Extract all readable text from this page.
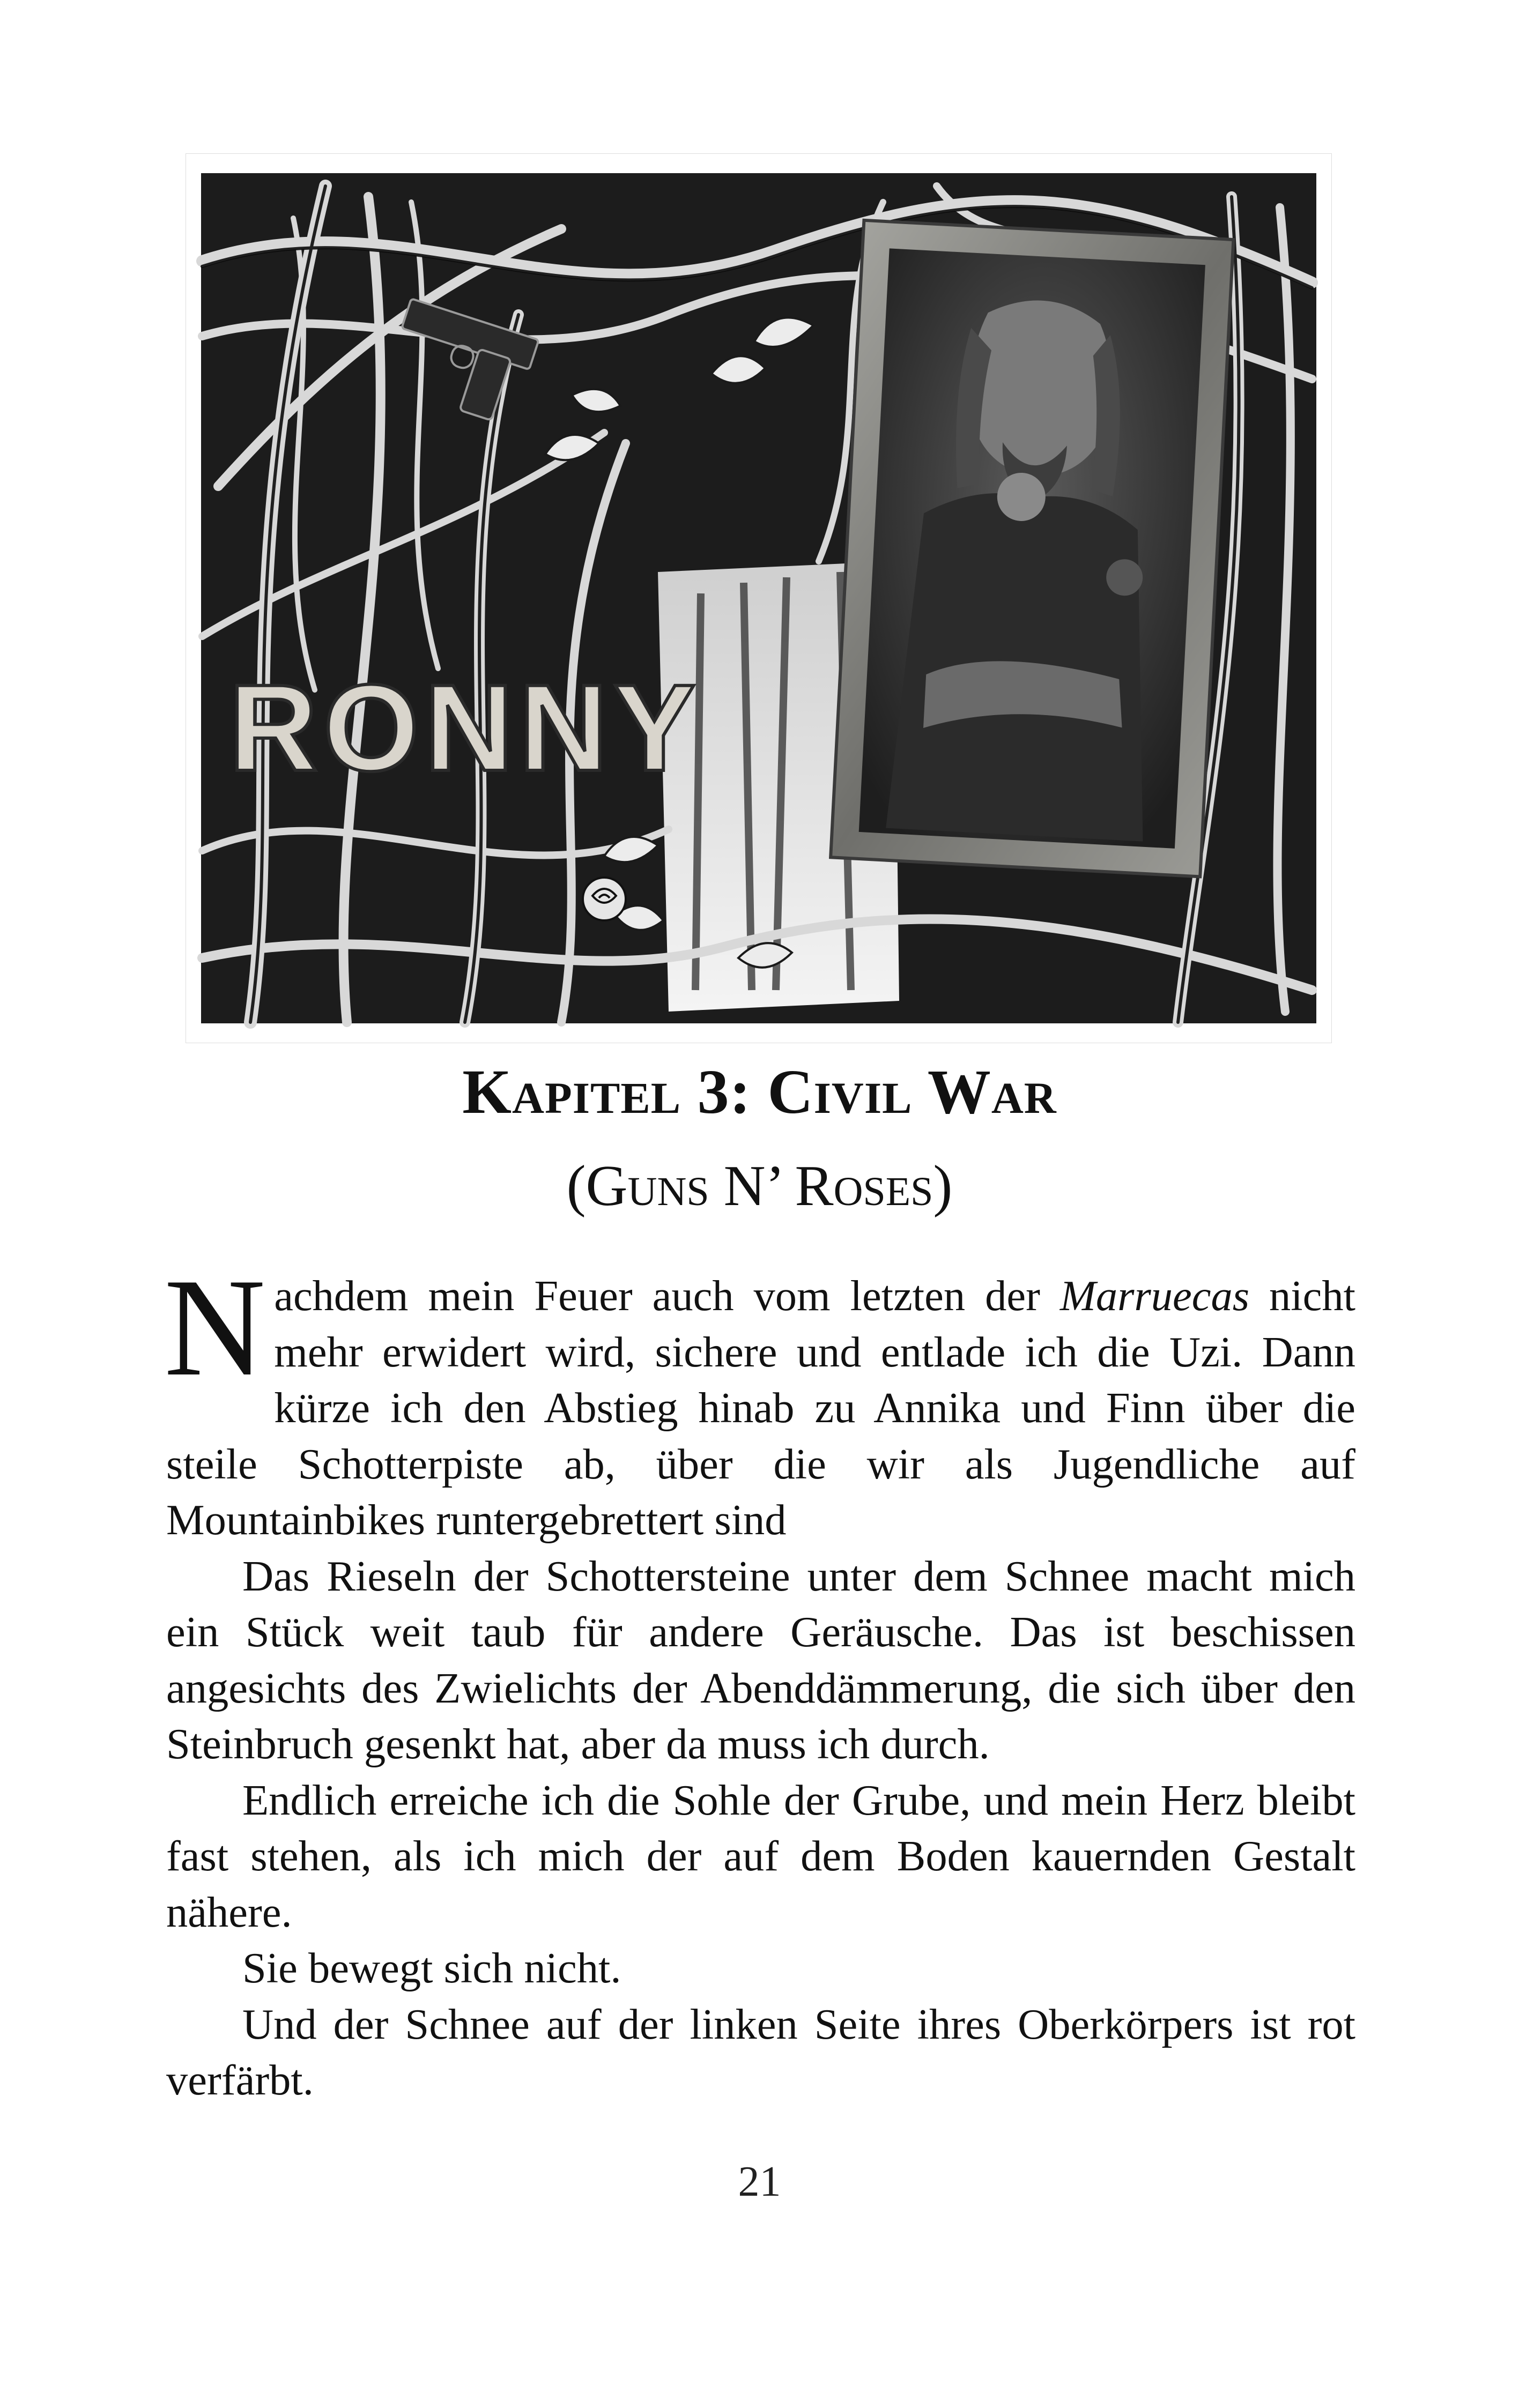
RONNY
Kapitel 3: Civil War
(Guns N’ Roses)

Nachdem mein Feuer auch vom letzten der Marruecas nicht mehr erwidert wird, sichere und entlade ich die Uzi. Dann kürze ich den Abstieg hinab zu Annika und Finn über die steile Schotterpiste ab, über die wir als Jugendliche auf Mountainbikes runtergebrettert sind

Das Rieseln der Schottersteine unter dem Schnee macht mich ein Stück weit taub für andere Geräusche. Das ist beschissen angesichts des Zwielichts der Abenddämmerung, die sich über den Steinbruch gesenkt hat, aber da muss ich durch.

Endlich erreiche ich die Sohle der Grube, und mein Herz bleibt fast stehen, als ich mich der auf dem Boden kauernden Gestalt nähere.

Sie bewegt sich nicht.

Und der Schnee auf der linken Seite ihres Oberkörpers ist rot verfärbt.

21
